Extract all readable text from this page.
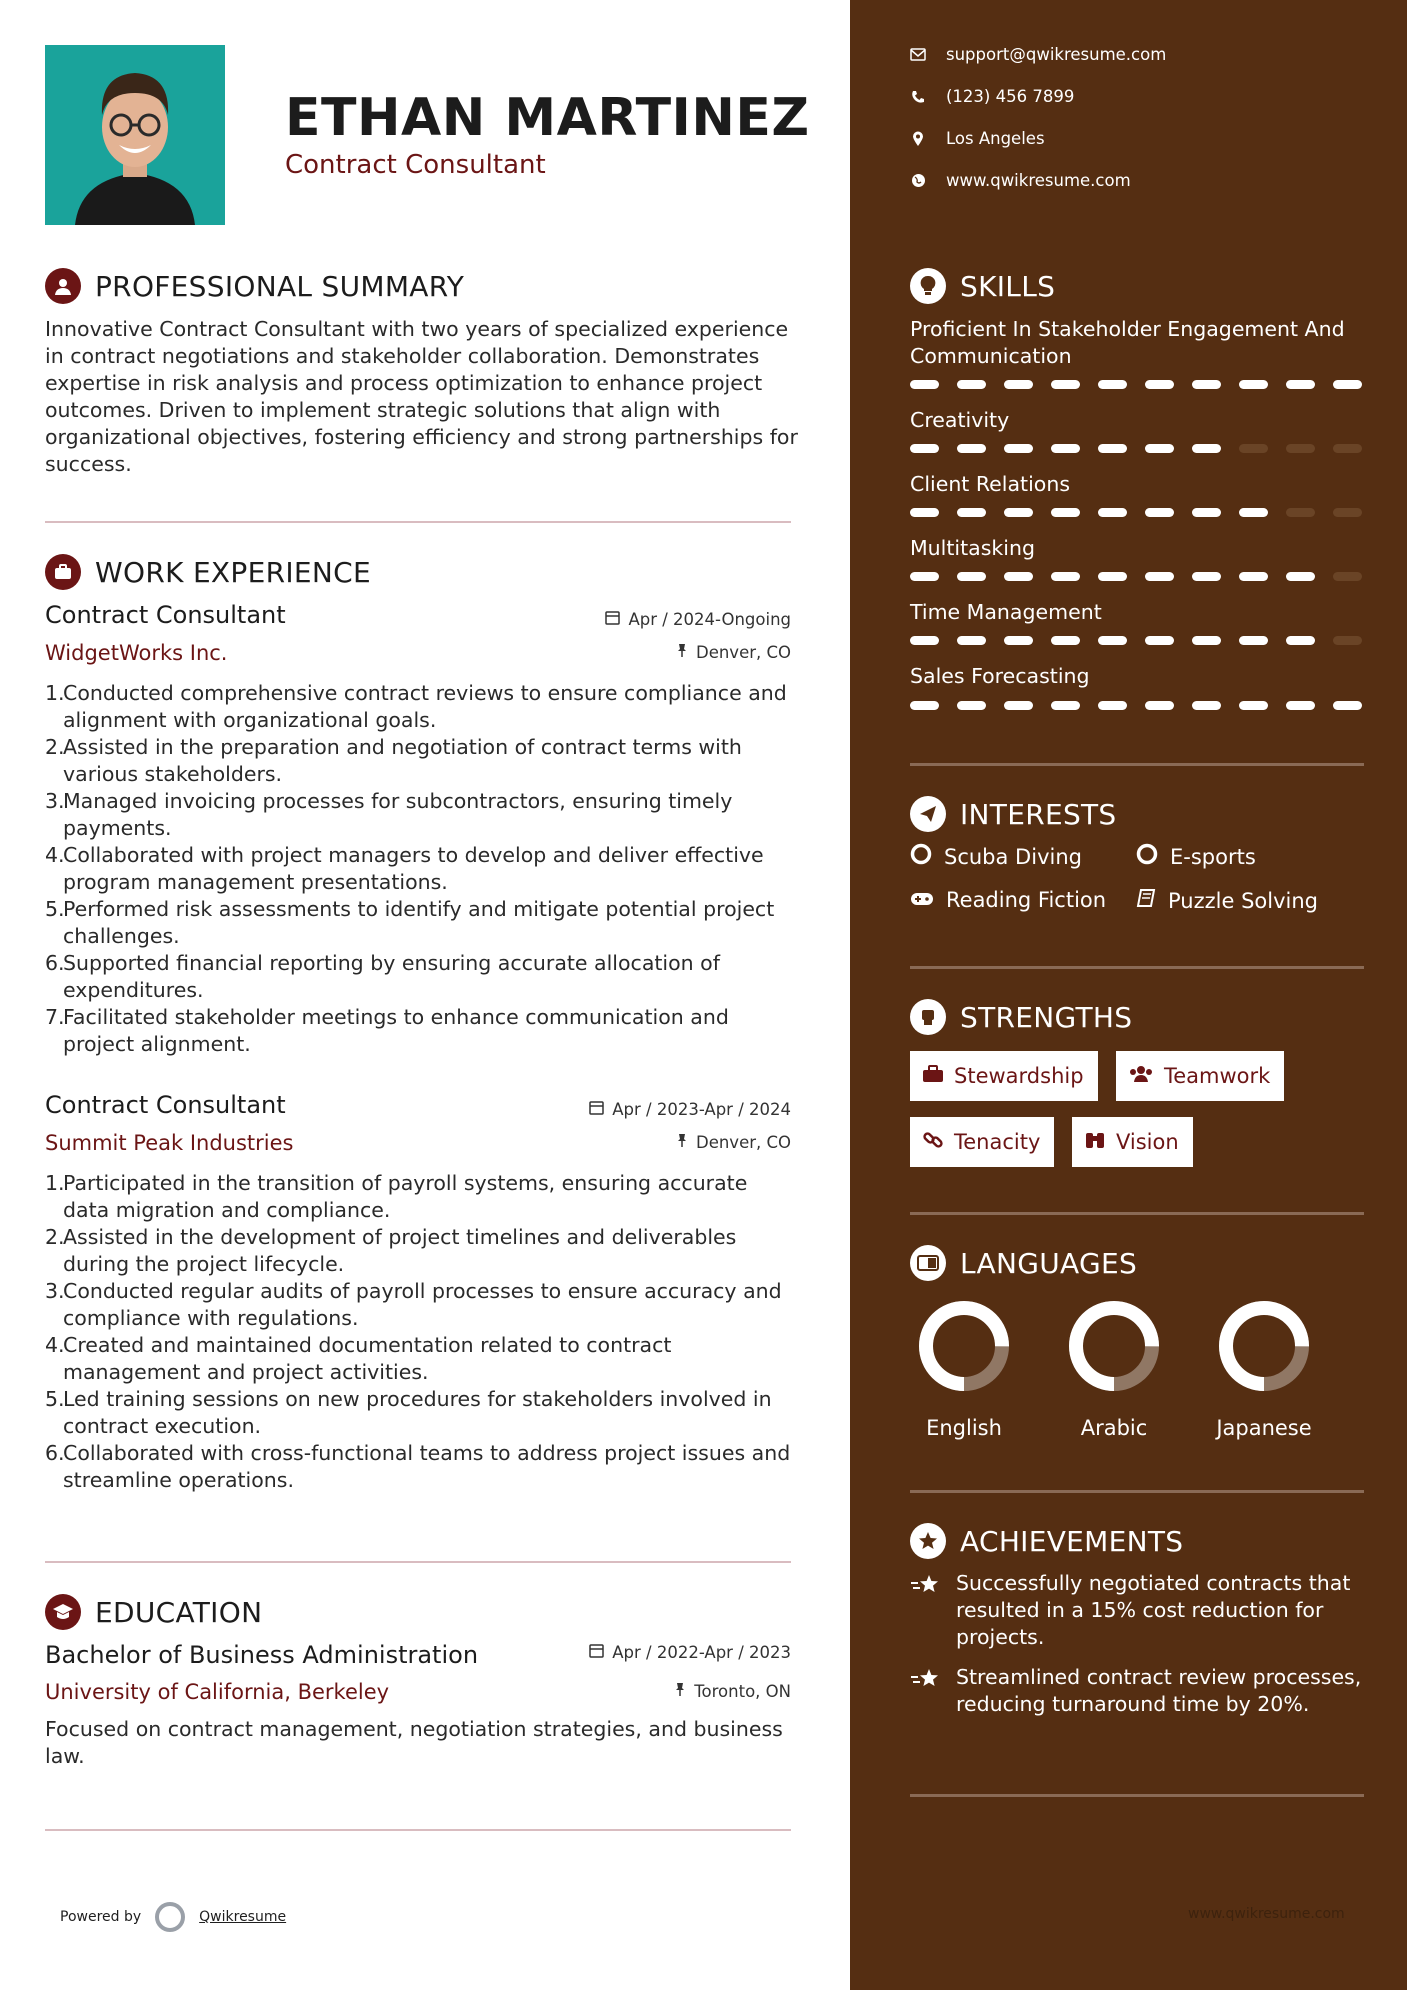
ETHAN MARTINEZ
Contract Consultant
PROFESSIONAL SUMMARY

Innovative Contract Consultant with two years of specialized experience in contract negotiations and stakeholder collaboration. Demonstrates expertise in risk analysis and process optimization to enhance project outcomes. Driven to implement strategic solutions that align with organizational objectives, fostering efficiency and strong partnerships for success.

WORK EXPERIENCE
Contract Consultant	Apr / 2024-Ongoing
WidgetWorks Inc.	Denver, CO
1.
Conducted comprehensive contract reviews to ensure compliance and alignment with organizational goals.
2.
Assisted in the preparation and negotiation of contract terms with various stakeholders.
3.
Managed invoicing processes for subcontractors, ensuring timely payments.
4.
Collaborated with project managers to develop and deliver effective program management presentations.
5.
Performed risk assessments to identify and mitigate potential project challenges.
6.
Supported financial reporting by ensuring accurate allocation of expenditures.
7.
Facilitated stakeholder meetings to enhance communication and project alignment.
Contract Consultant	Apr / 2023-Apr / 2024
Summit Peak Industries	Denver, CO
1.
Participated in the transition of payroll systems, ensuring accurate data migration and compliance.
2.
Assisted in the development of project timelines and deliverables during the project lifecycle.
3.
Conducted regular audits of payroll processes to ensure accuracy and compliance with regulations.
4.
Created and maintained documentation related to contract management and project activities.
5.
Led training sessions on new procedures for stakeholders involved in contract execution.
6.
Collaborated with cross-functional teams to address project issues and streamline operations.
EDUCATION
Bachelor of Business Administration	Apr / 2022-Apr / 2023
University of California, Berkeley	Toronto, ON

Focused on contract management, negotiation strategies, and business law.

Powered by	Qwikresume
support@qwikresume.com
(123) 456 7899
Los Angeles
www.qwikresume.com
SKILLS
Proficient In Stakeholder Engagement And Communication
Creativity
Client Relations
Multitasking
Time Management
Sales Forecasting
INTERESTS
Scuba Diving	E-sports
Reading Fiction	Puzzle Solving
STRENGTHS
Stewardship	Teamwork
Tenacity	Vision
LANGUAGES
English	Arabic	Japanese
ACHIEVEMENTS
Successfully negotiated contracts that resulted in a 15% cost reduction for projects.
Streamlined contract review processes, reducing turnaround time by 20%.
www.qwikresume.com
